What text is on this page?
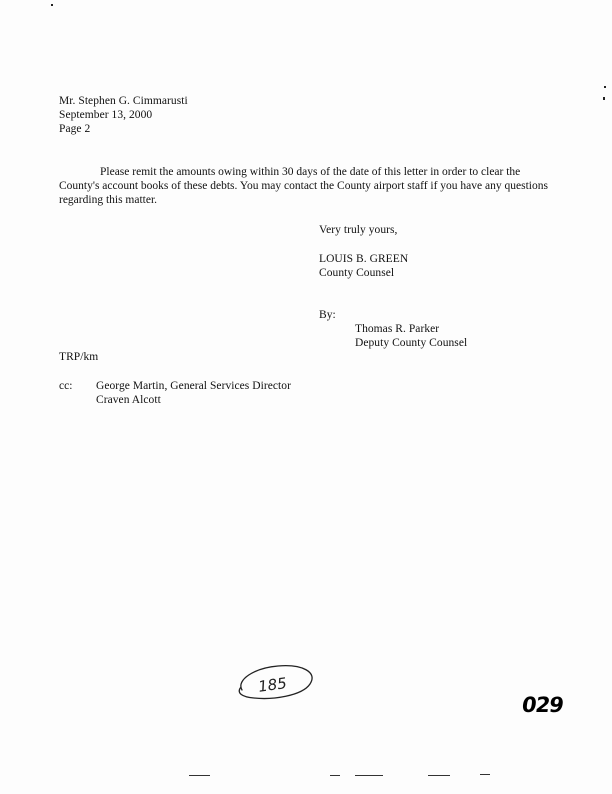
Mr. Stephen G. Cimmarusti
September 13, 2000
Page 2
Please remit the amounts owing within 30 days of the date of this letter in order to clear the County's account books of these debts. You may contact the County airport staff if you have any questions regarding this matter.
Very truly yours,
LOUIS B. GREEN
County Counsel
By:
Thomas R. Parker
Deputy County Counsel
TRP/km
cc: George Martin, General Services Director
Craven Alcott
185
029
